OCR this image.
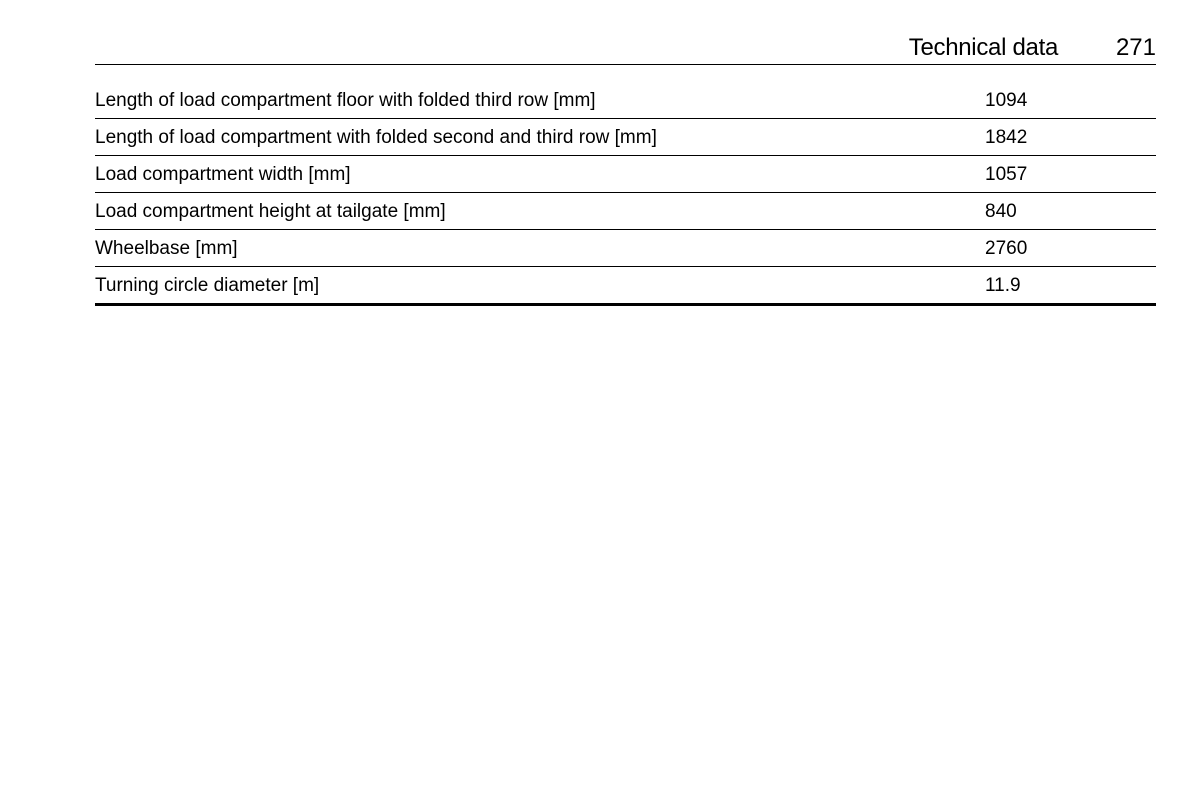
Technical data 271
Length of load compartment floor with folded third row [mm]	1094
Length of load compartment with folded second and third row [mm]	1842
Load compartment width [mm]	1057
Load compartment height at tailgate [mm]	840
Wheelbase [mm]	2760
Turning circle diameter [m]	11.9
